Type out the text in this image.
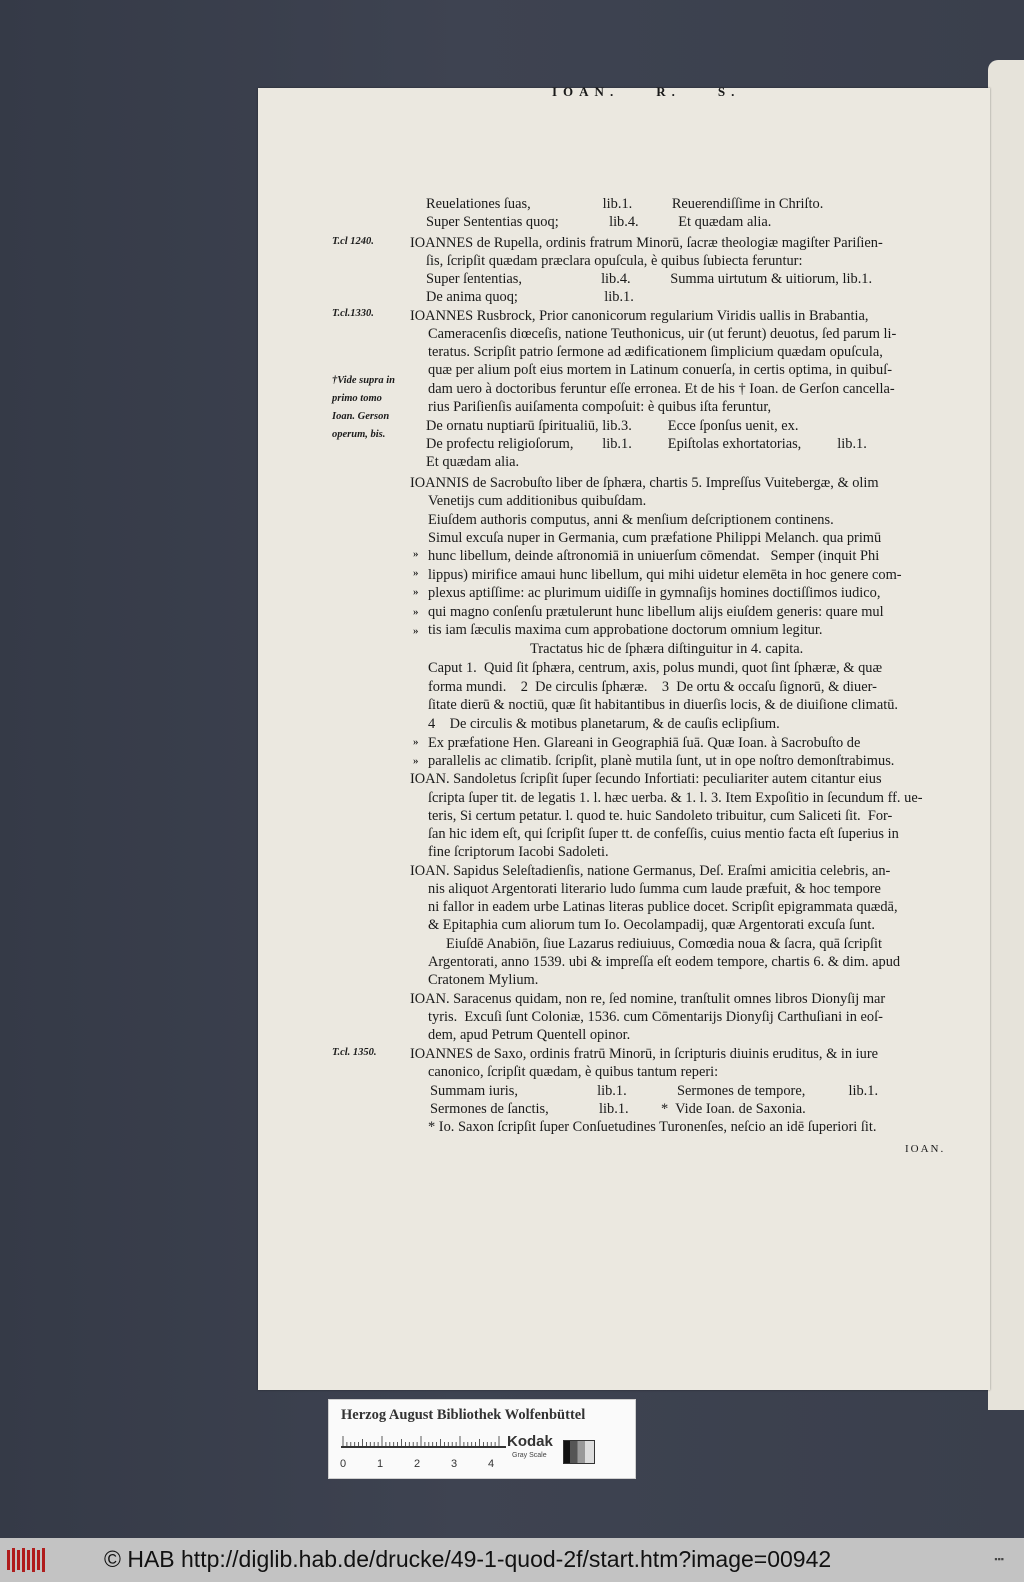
IOAN.    R.    S.
T.cl 1240.
T.cl.1330.
†Vide supra in
primo tomo
Ioan. Gerson
operum, bis.
T.cl. 1350.
»
»
»
»
»
»
»
Reuelationes ſuas,                    lib.1.           Reuerendiſſime in Chriſto.
Super Sententias quoq;              lib.4.           Et quædam alia.
IOANNES de Rupella, ordinis fratrum Minorū, ſacræ theologiæ magiſter Pariſien-
ſis, ſcripſit quædam præclara opuſcula, è quibus ſubiecta feruntur:
Super ſententias,                      lib.4.           Summa uirtutum & uitiorum, lib.1.
De anima quoq;                        lib.1.
IOANNES Rusbrock, Prior canonicorum regularium Viridis uallis in Brabantia,
Cameracenſis diœceſis, natione Teuthonicus, uir (ut ferunt) deuotus, ſed parum li-
teratus. Scripſit patrio ſermone ad ædificationem ſimplicium quædam opuſcula,
quæ per alium poſt eius mortem in Latinum conuerſa, in certis optima, in quibuſ-
dam uero à doctoribus feruntur eſſe erronea. Et de his † Ioan. de Gerſon cancella-
rius Pariſienſis auiſamenta compoſuit: è quibus iſta feruntur,
De ornatu nuptiarū ſpiritualiū, lib.3.          Ecce ſponſus uenit, ex.
De profectu religioſorum,        lib.1.          Epiſtolas exhortatorias,          lib.1.
Et quædam alia.
IOANNIS de Sacrobuſto liber de ſphæra, chartis 5. Impreſſus Vuitebergæ, & olim
Venetijs cum additionibus quibuſdam.
Eiuſdem authoris computus, anni & menſium deſcriptionem continens.
Simul excuſa nuper in Germania, cum præfatione Philippi Melanch. qua primū
hunc libellum, deinde aſtronomiā in uniuerſum cōmendat.   Semper (inquit Phi
lippus) mirifice amaui hunc libellum, qui mihi uidetur elemēta in hoc genere com-
plexus aptiſſime: ac plurimum uidiſſe in gymnaſijs homines doctiſſimos iudico,
qui magno conſenſu prætulerunt hunc libellum alijs eiuſdem generis: quare mul
tis iam ſæculis maxima cum approbatione doctorum omnium legitur.
Tractatus hic de ſphæra diſtinguitur in 4. capita.
Caput 1.  Quid ſit ſphæra, centrum, axis, polus mundi, quot ſint ſphæræ, & quæ
forma mundi.    2  De circulis ſphæræ.    3  De ortu & occaſu ſignorū, & diuer-
ſitate dierū & noctiū, quæ ſit habitantibus in diuerſis locis, & de diuiſione climatū.
4    De circulis & motibus planetarum, & de cauſis eclipſium.
Ex præfatione Hen. Glareani in Geographiā ſuā. Quæ Ioan. à Sacrobuſto de
parallelis ac climatib. ſcripſit, planè mutila ſunt, ut in ope noſtro demonſtrabimus.
IOAN. Sandoletus ſcripſit ſuper ſecundo Infortiati: peculiariter autem citantur eius
ſcripta ſuper tit. de legatis 1. l. hæc uerba. & 1. l. 3. Item Expoſitio in ſecundum ff. ue-
teris, Si certum petatur. l. quod te. huic Sandoleto tribuitur, cum Saliceti ſit.  For-
ſan hic idem eſt, qui ſcripſit ſuper tt. de confeſſis, cuius mentio facta eſt ſuperius in
fine ſcriptorum Iacobi Sadoleti.
IOAN. Sapidus Seleſtadienſis, natione Germanus, Deſ. Eraſmi amicitia celebris, an-
nis aliquot Argentorati literario ludo ſumma cum laude præfuit, & hoc tempore
ni fallor in eadem urbe Latinas literas publice docet. Scripſit epigrammata quædā,
& Epitaphia cum aliorum tum Io. Oecolampadij, quæ Argentorati excuſa ſunt.
Eiuſdē Anabiōn, ſiue Lazarus rediuiuus, Comœdia noua & ſacra, quā ſcripſit
Argentorati, anno 1539. ubi & impreſſa eſt eodem tempore, chartis 6. & dim. apud
Cratonem Mylium.
IOAN. Saracenus quidam, non re, ſed nomine, tranſtulit omnes libros Dionyſij mar
tyris.  Excuſi ſunt Coloniæ, 1536. cum Cōmentarijs Dionyſij Carthuſiani in eoſ-
dem, apud Petrum Quentell opinor.
IOANNES de Saxo, ordinis fratrū Minorū, in ſcripturis diuinis eruditus, & in iure
canonico, ſcripſit quædam, è quibus tantum reperi:
Summam iuris,                      lib.1.              Sermones de tempore,            lib.1.
Sermones de ſanctis,              lib.1.         *  Vide Ioan. de Saxonia.
* Io. Saxon ſcripſit ſuper Conſuetudines Turonenſes, neſcio an idē ſuperiori ſit.
IOAN.
Herzog August Bibliothek Wolfenbüttel
0	1	2	3	4
Kodak
Gray Scale
© HAB http://diglib.hab.de/drucke/49-1-quod-2f/start.htm?image=00942	▪▪▪
